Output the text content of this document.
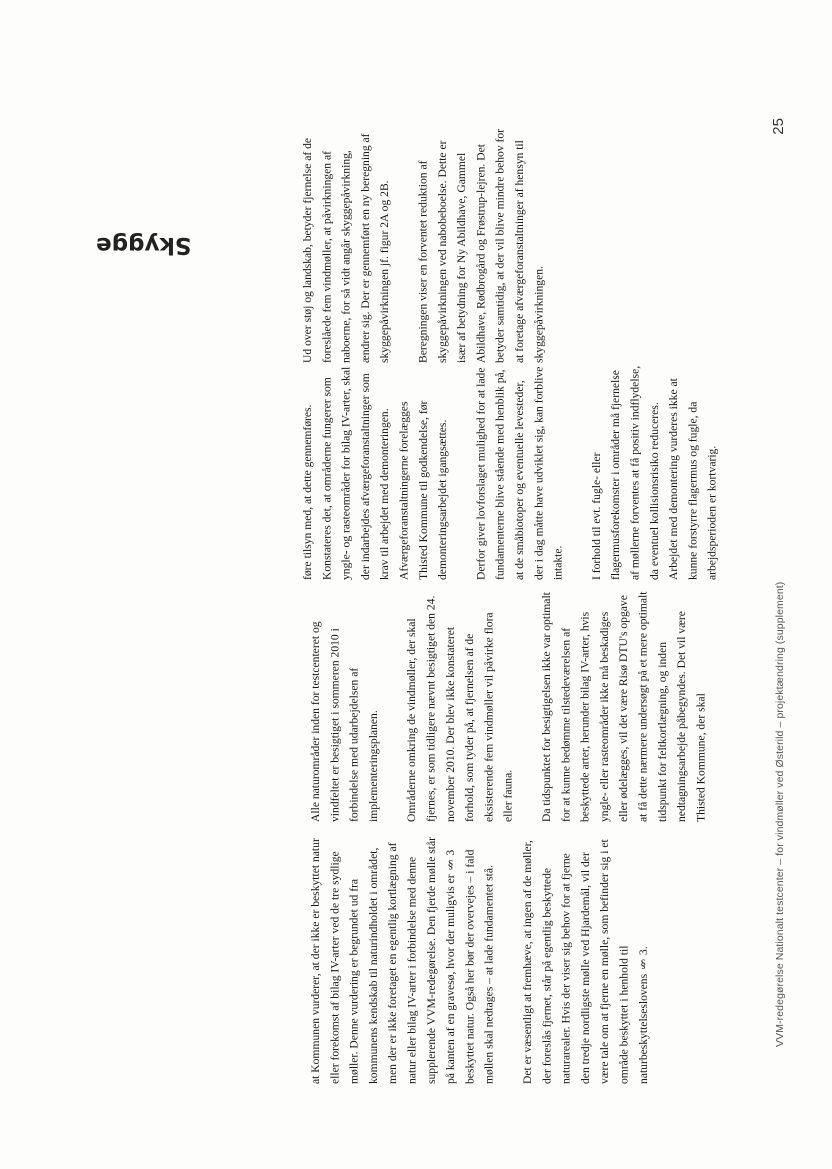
25
VVM-redegørelse Nationalt testcenter – for vindmøller ved Østerild – projektændring (supplement)
Skygge	Ud over støj og landskab, betyder fjernelse af de foreslåede fem vindmøller, at påvirkningen af naboerne, for så vidt angår skyggepåvirkning, ændrer sig. Der er gennemført en ny beregning af skyggepåvirkningen jf. figur 2A og 2B. Beregningen viser en forventet reduktion af skyggepåvirkningen ved nabobeboelse. Dette er især af betydning for Ny Abildhave, Gammel Abildhave, Rødbrogård og Frøstrup-lejren. Det betyder samtidig, at der vil blive mindre behov for at foretage afværgeforanstaltninger af hensyn til skyggepåvirkningen.

føre tilsyn med, at dette gennemføres. Konstateres det, at områderne fungerer som yngle- og rasteområder for bilag IV-arter, skal der indarbejdes afværgeforanstaltninger som krav til arbejdet med demonteringen. Afværgeforanstaltningerne forelægges Thisted Kommune til godkendelse, før demonteringsarbejdet igangsættes. Derfor giver lovforslaget mulighed for at lade fundamenterne blive stående med henblik på, at de småbiotoper og eventuelle levesteder, der i dag måtte have udviklet sig, kan forblive intakte. I forhold til evt. fugle- eller flagermusforekomster i områder må fjernelse af møllerne forventes at få positiv indflydelse, da eventuel kollisionsrisiko reduceres. Arbejdet med demontering vurderes ikke at kunne forstyrre flagermus og fugle, da arbejdsperioden er kortvarig.

Alle naturområder inden for testcenteret og vindfeltet er besigtiget i sommeren 2010 i forbindelse med udarbejdelsen af implementeringsplanen. Områderne omkring de vindmøller, der skal fjernes, er som tidligere nævnt besigtiget den 24. november 2010. Der blev ikke konstateret forhold, som tyder på, at fjernelsen af de eksisterende fem vindmøller vil påvirke flora eller fauna. Da tidspunktet for besigtigelsen ikke var optimalt for at kunne bedømme tilstedeværelsen af beskyttede arter, herunder bilag IV-arter, hvis yngle- eller rasteområder ikke må beskadiges eller ødelægges, vil det være Risø DTU's opgave at få dette nærmere undersøgt på et mere optimalt tidspunkt for feltkortlægning, og inden nedtagningsarbejde påbegyndes. Det vil være Thisted Kommune, der skal

at Kommunen vurderer, at der ikke er beskyttet natur eller forekomst af bilag IV-arter ved de tre sydlige møller. Denne vurdering er begrundet ud fra kommunens kendskab til naturindholdet i området, men der er ikke foretaget en egentlig kortlægning af natur eller bilag IV-arter i forbindelse med denne supplerende VVM-redegørelse. Den fjerde mølle står på kanten af en gravesø, hvor der muligvis er § 3 beskyttet natur. Også her bør der overvejes – i fald møllen skal nedtages – at lade fundamentet stå. Det er væsentligt at fremhæve, at ingen af de møller, der foreslås fjernet, står på egentlig beskyttede naturarealer. Hvis der viser sig behov for at fjerne den tredje nordligste mølle ved Hjardemål, vil der være tale om at fjerne en mølle, som befinder sig i et område beskyttet i henhold til naturbeskyttelseslovens § 3.
